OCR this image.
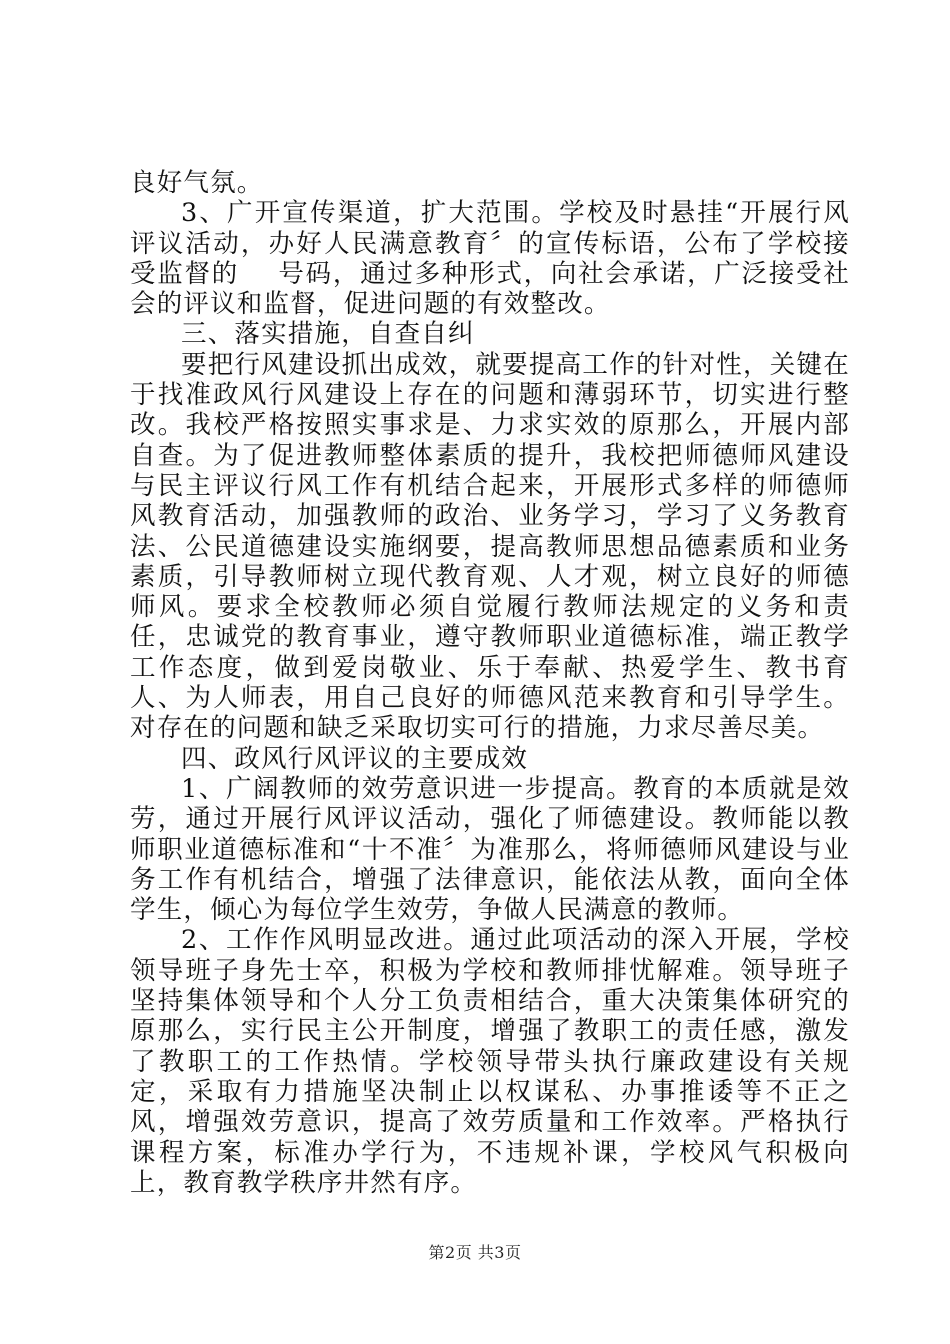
良好气氛。

3、广开宣传渠道，扩大范围。学校及时悬挂“开展行风评议活动，办好人民满意教育〞的宣传标语，公布了学校接受监督的    号码，通过多种形式，向社会承诺，广泛接受社会的评议和监督，促进问题的有效整改。

三、落实措施，自查自纠

要把行风建设抓出成效，就要提高工作的针对性，关键在于找准政风行风建设上存在的问题和薄弱环节，切实进行整改。我校严格按照实事求是、力求实效的原那么，开展内部自查。为了促进教师整体素质的提升，我校把师德师风建设与民主评议行风工作有机结合起来，开展形式多样的师德师风教育活动，加强教师的政治、业务学习，学习了义务教育法、公民道德建设实施纲要，提高教师思想品德素质和业务素质，引导教师树立现代教育观、人才观，树立良好的师德师风。要求全校教师必须自觉履行教师法规定的义务和责任，忠诚党的教育事业，遵守教师职业道德标准，端正教学工作态度，做到爱岗敬业、乐于奉献、热爱学生、教书育人、为人师表，用自己良好的师德风范来教育和引导学生。对存在的问题和缺乏采取切实可行的措施，力求尽善尽美。

四、政风行风评议的主要成效

1、广阔教师的效劳意识进一步提高。教育的本质就是效劳，通过开展行风评议活动，强化了师德建设。教师能以教师职业道德标准和“十不准〞为准那么，将师德师风建设与业务工作有机结合，增强了法律意识，能依法从教，面向全体学生，倾心为每位学生效劳，争做人民满意的教师。

2、工作作风明显改进。通过此项活动的深入开展，学校领导班子身先士卒，积极为学校和教师排忧解难。领导班子坚持集体领导和个人分工负责相结合，重大决策集体研究的原那么，实行民主公开制度，增强了教职工的责任感，激发了教职工的工作热情。学校领导带头执行廉政建设有关规定，采取有力措施坚决制止以权谋私、办事推诿等不正之风，增强效劳意识，提高了效劳质量和工作效率。严格执行课程方案，标准办学行为，不违规补课，学校风气积极向上，教育教学秩序井然有序。

第2页 共3页
